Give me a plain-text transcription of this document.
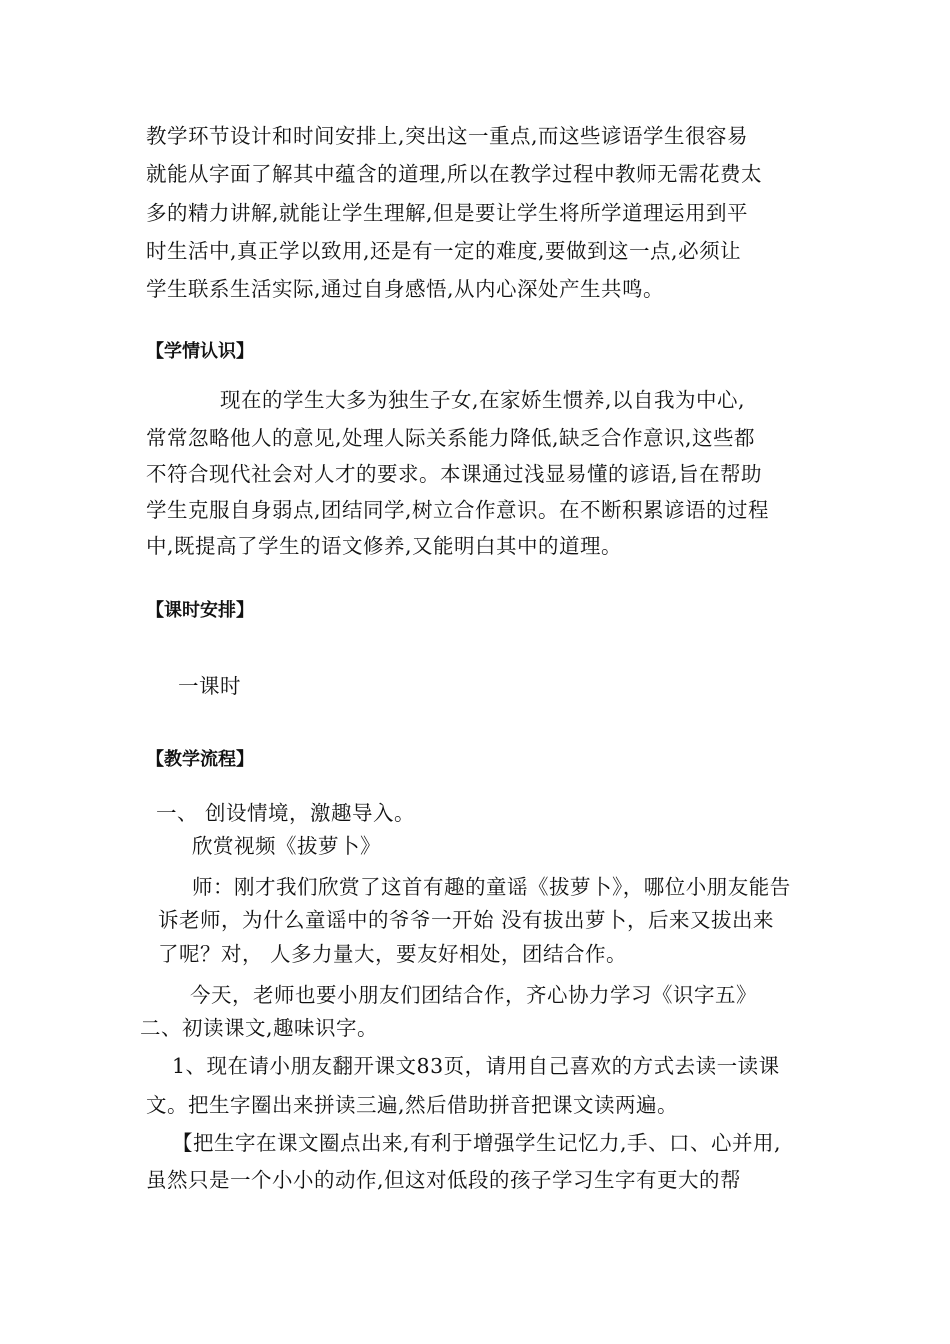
教学环节设计和时间安排上,突出这一重点,而这些谚语学生很容易
就能从字面了解其中蕴含的道理,所以在教学过程中教师无需花费太
多的精力讲解,就能让学生理解,但是要让学生将所学道理运用到平
时生活中,真正学以致用,还是有一定的难度,要做到这一点,必须让
学生联系生活实际,通过自身感悟,从内心深处产生共鸣。
【学情认识】
现在的学生大多为独生子女,在家娇生惯养,以自我为中心,
常常忽略他人的意见,处理人际关系能力降低,缺乏合作意识,这些都
不符合现代社会对人才的要求。本课通过浅显易懂的谚语,旨在帮助
学生克服自身弱点,团结同学,树立合作意识。在不断积累谚语的过程
中,既提高了学生的语文修养,又能明白其中的道理。
【课时安排】
一课时
【教学流程】
一、 创设情境，激趣导入。
欣赏视频《拔萝卜》
师：刚才我们欣赏了这首有趣的童谣《拔萝卜》，哪位小朋友能告
诉老师，为什么童谣中的爷爷一开始 没有拔出萝卜，后来又拔出来
了呢？对， 人多力量大，要友好相处，团结合作。
今天，老师也要小朋友们团结合作，齐心协力学习《识字五》
二、初读课文,趣味识字。
1、现在请小朋友翻开课文83页，请用自己喜欢的方式去读一读课
文。把生字圈出来拼读三遍,然后借助拼音把课文读两遍。
【把生字在课文圈点出来,有利于增强学生记忆力,手、口、心并用,
虽然只是一个小小的动作,但这对低段的孩子学习生字有更大的帮
